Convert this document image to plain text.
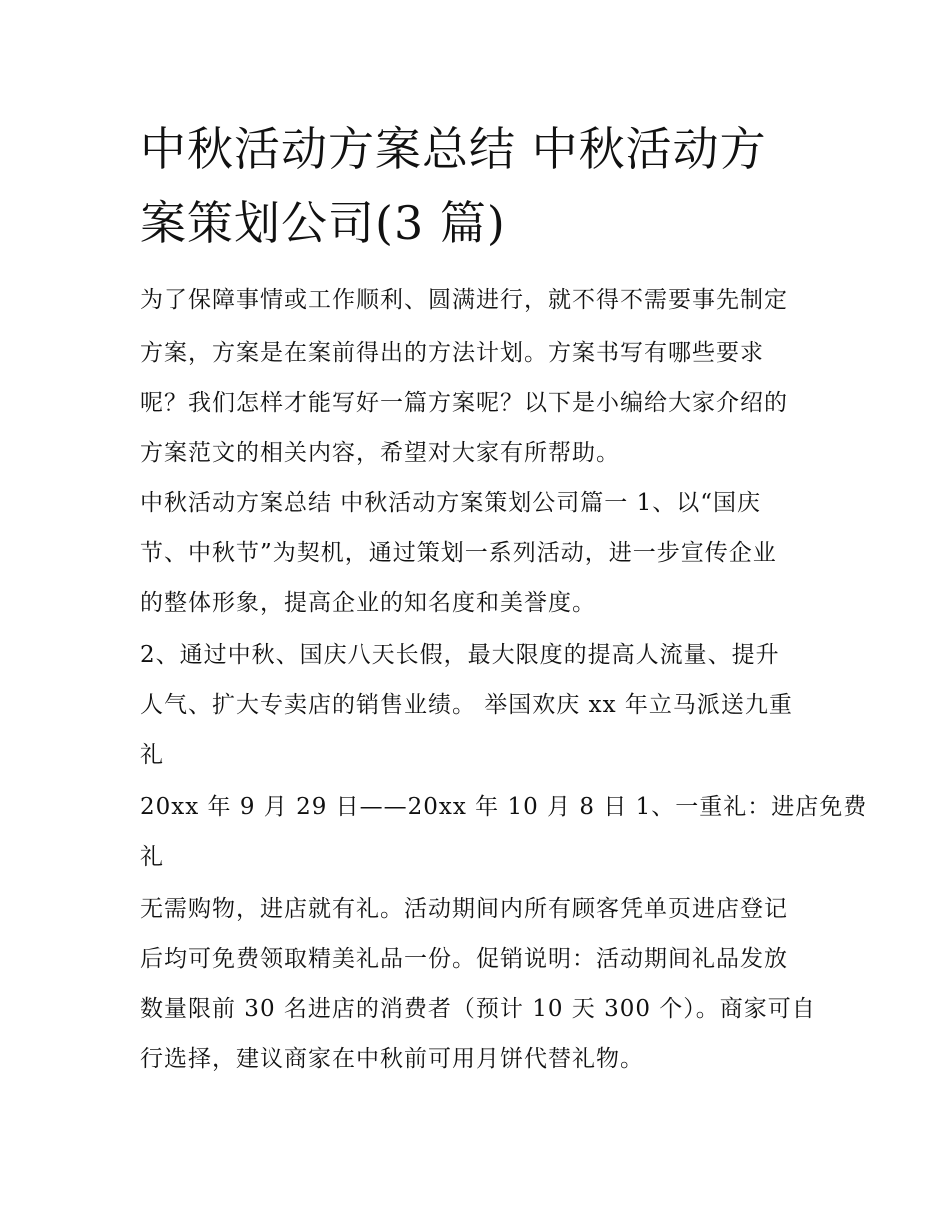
中秋活动方案总结 中秋活动方
案策划公司(3 篇)

为了保障事情或工作顺利、圆满进行，就不得不需要事先制定

方案，方案是在案前得出的方法计划。方案书写有哪些要求

呢？我们怎样才能写好一篇方案呢？以下是小编给大家介绍的

方案范文的相关内容，希望对大家有所帮助。

中秋活动方案总结 中秋活动方案策划公司篇一 1、以“国庆

节、中秋节”为契机，通过策划一系列活动，进一步宣传企业

的整体形象，提高企业的知名度和美誉度。

2、通过中秋、国庆八天长假，最大限度的提高人流量、提升

人气、扩大专卖店的销售业绩。 举国欢庆 xx 年立马派送九重

礼

20xx 年 9 月 29 日——20xx 年 10 月 8 日 1、一重礼：进店免费

礼

无需购物，进店就有礼。活动期间内所有顾客凭单页进店登记

后均可免费领取精美礼品一份。促销说明：活动期间礼品发放

数量限前 30 名进店的消费者（预计 10 天 300 个）。商家可自

行选择，建议商家在中秋前可用月饼代替礼物。
